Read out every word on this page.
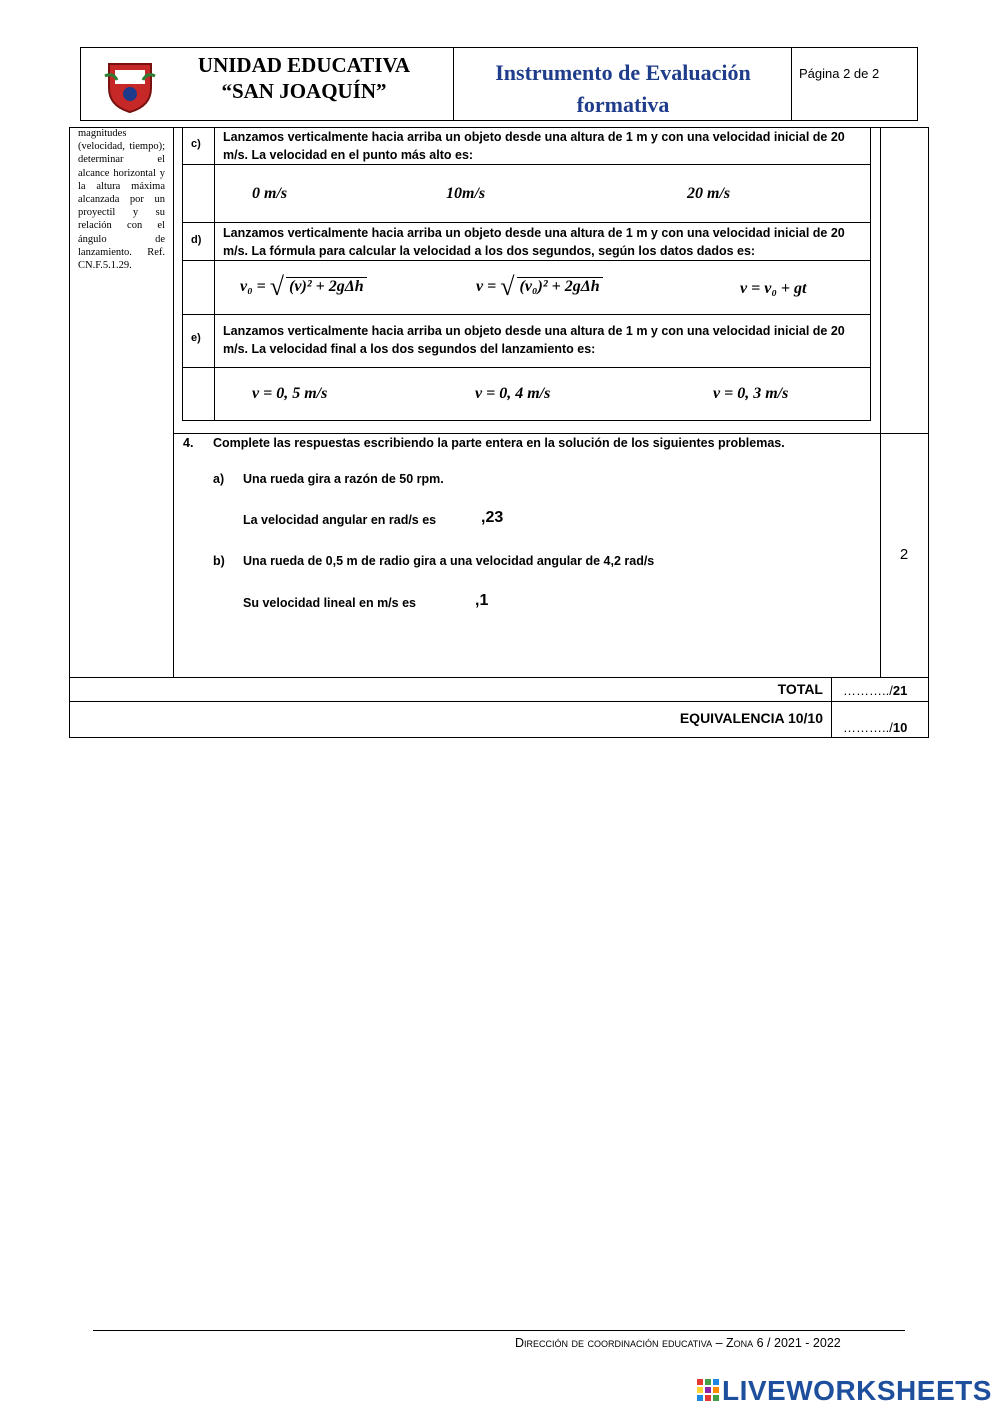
UNIDAD EDUCATIVA
“SAN JOAQUÍN”
Instrumento de Evaluación
formativa
Página 2 de 2
magnitudes (velocidad, tiempo); determinar el alcance horizontal y la altura máxima alcanzada por un proyectil y su relación con el ángulo de lanzamiento. Ref. CN.F.5.1.29.
c) Lanzamos verticalmente hacia arriba un objeto desde una altura de 1 m y con una velocidad inicial de 20 m/s. La velocidad en el punto más alto es:
0 m/s	10m/s	20 m/s
d) Lanzamos verticalmente hacia arriba un objeto desde una altura de 1 m y con una velocidad inicial de 20 m/s. La fórmula para calcular la velocidad a los dos segundos, según los datos dados es:
v₀ = √ (v)² + 2gΔh	v = √ (v₀)² + 2gΔh	v = v₀ + gt
e) Lanzamos verticalmente hacia arriba un objeto desde una altura de 1 m y con una velocidad inicial de 20 m/s. La velocidad final a los dos segundos del lanzamiento es:
v = 0, 5 m/s	v = 0, 4 m/s	v = 0, 3 m/s
4. Complete las respuestas escribiendo la parte entera en la solución de los siguientes problemas.
a) Una rueda gira a razón de 50 rpm.
La velocidad angular en rad/s es	,23
b) Una rueda de 0,5 m de radio gira a una velocidad angular de 4,2 rad/s
Su velocidad lineal en m/s es	,1
2
TOTAL ………../21
EQUIVALENCIA 10/10
………../10
Dirección de coordinación educativa – Zona 6 / 2021 - 2022
LIVEWORKSHEETS
